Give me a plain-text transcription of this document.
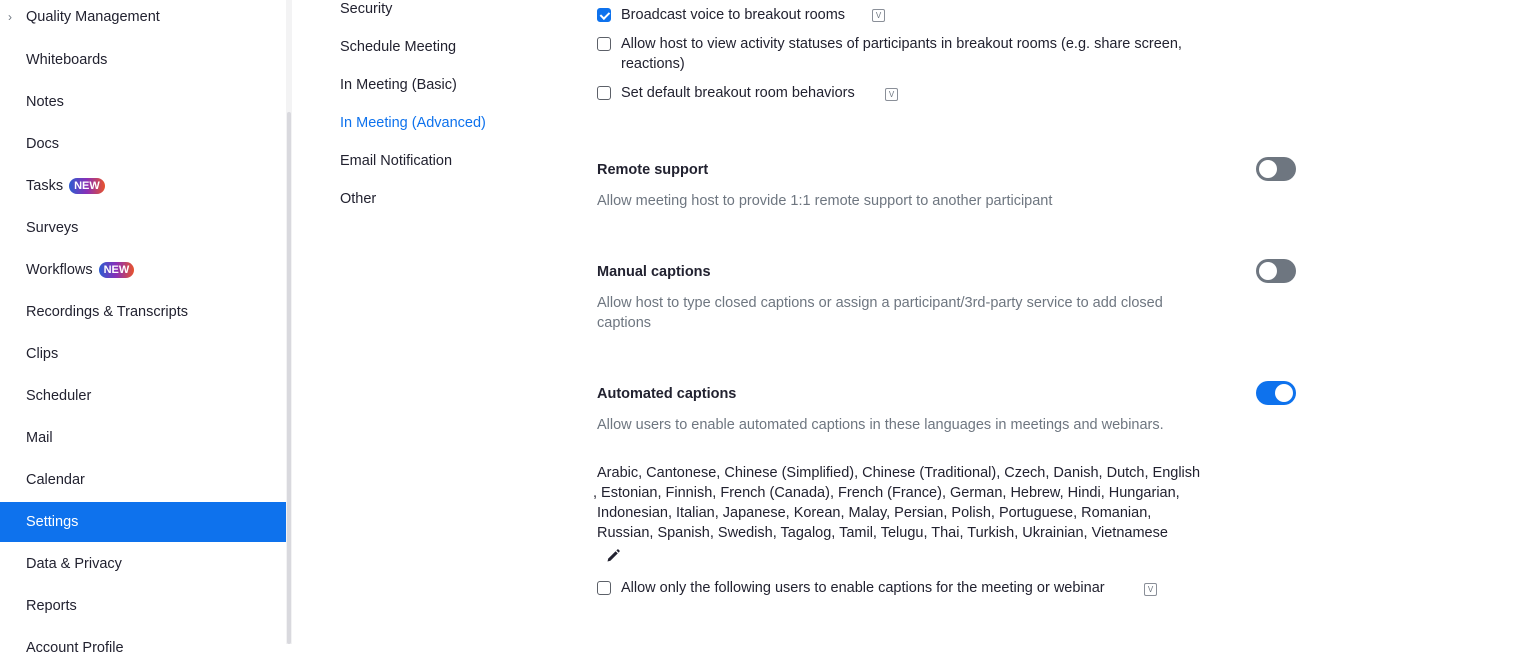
› Quality Management
Whiteboards
Notes
Docs
Tasks NEW
Surveys
Workflows NEW
Recordings & Transcripts
Clips
Scheduler
Mail
Calendar
Settings
Data & Privacy
Reports
Account Profile
Security
Schedule Meeting
In Meeting (Basic)
In Meeting (Advanced)
Email Notification
Other
Broadcast voice to breakout rooms	V
Allow host to view activity statuses of participants in breakout rooms (e.g. share screen, reactions)
Set default breakout room behaviors	V
Remote support
Allow meeting host to provide 1:1 remote support to another participant
Manual captions
Allow host to type closed captions or assign a participant/3rd-party service to add closed captions
Automated captions
Allow users to enable automated captions in these languages in meetings and webinars.
Arabic, Cantonese, Chinese (Simplified), Chinese (Traditional), Czech, Danish, Dutch, English
, Estonian, Finnish, French (Canada), French (France), German, Hebrew, Hindi, Hungarian,
Indonesian, Italian, Japanese, Korean, Malay, Persian, Polish, Portuguese, Romanian,
Russian, Spanish, Swedish, Tagalog, Tamil, Telugu, Thai, Turkish, Ukrainian, Vietnamese
Allow only the following users to enable captions for the meeting or webinar	V
